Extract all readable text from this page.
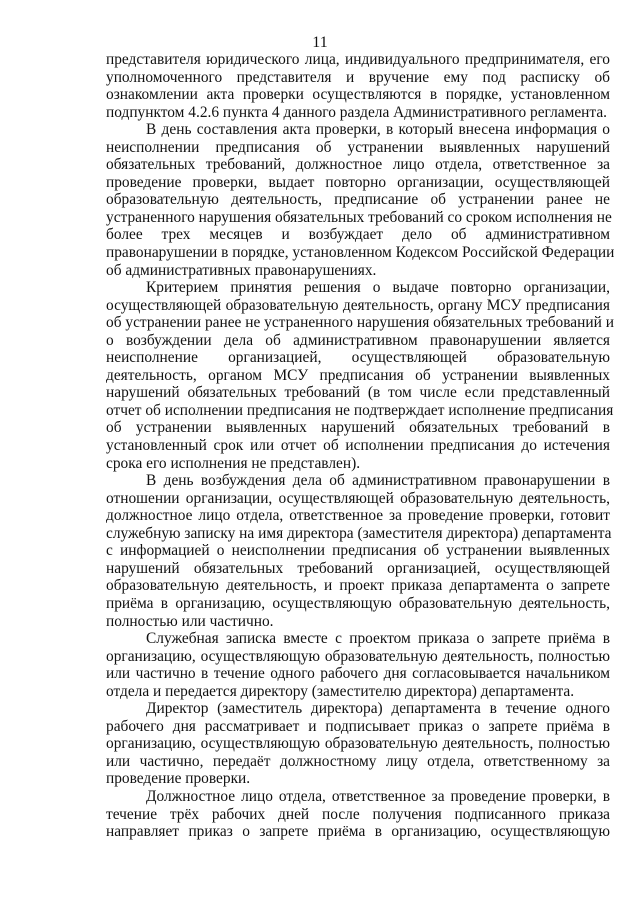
11
представителя юридического лица, индивидуального предпринимателя, его
уполномоченного представителя и вручение ему под расписку об
ознакомлении акта проверки осуществляются в порядке, установленном
подпунктом 4.2.6 пункта 4 данного раздела Административного регламента.
В день составления акта проверки, в который внесена информация о
неисполнении предписания об устранении выявленных нарушений
обязательных требований, должностное лицо отдела, ответственное за
проведение проверки, выдает повторно организации, осуществляющей
образовательную деятельность, предписание об устранении ранее не
устраненного нарушения обязательных требований со сроком исполнения не
более трех месяцев и возбуждает дело об административном
правонарушении в порядке, установленном Кодексом Российской Федерации
об административных правонарушениях.
Критерием принятия решения о выдаче повторно организации,
осуществляющей образовательную деятельность, органу МСУ предписания
об устранении ранее не устраненного нарушения обязательных требований и
о возбуждении дела об административном правонарушении является
неисполнение организацией, осуществляющей образовательную
деятельность, органом МСУ предписания об устранении выявленных
нарушений обязательных требований (в том числе если представленный
отчет об исполнении предписания не подтверждает исполнение предписания
об устранении выявленных нарушений обязательных требований в
установленный срок или отчет об исполнении предписания до истечения
срока его исполнения не представлен).
В день возбуждения дела об административном правонарушении в
отношении организации, осуществляющей образовательную деятельность,
должностное лицо отдела, ответственное за проведение проверки, готовит
служебную записку на имя директора (заместителя директора) департамента
с информацией о неисполнении предписания об устранении выявленных
нарушений обязательных требований организацией, осуществляющей
образовательную деятельность, и проект приказа департамента о запрете
приёма в организацию, осуществляющую образовательную деятельность,
полностью или частично.
Служебная записка вместе с проектом приказа о запрете приёма в
организацию, осуществляющую образовательную деятельность, полностью
или частично в течение одного рабочего дня согласовывается начальником
отдела и передается директору (заместителю директора) департамента.
Директор (заместитель директора) департамента в течение одного
рабочего дня рассматривает и подписывает приказ о запрете приёма в
организацию, осуществляющую образовательную деятельность, полностью
или частично, передаёт должностному лицу отдела, ответственному за
проведение проверки.
Должностное лицо отдела, ответственное за проведение проверки, в
течение трёх рабочих дней после получения подписанного приказа
направляет приказ о запрете приёма в организацию, осуществляющую
